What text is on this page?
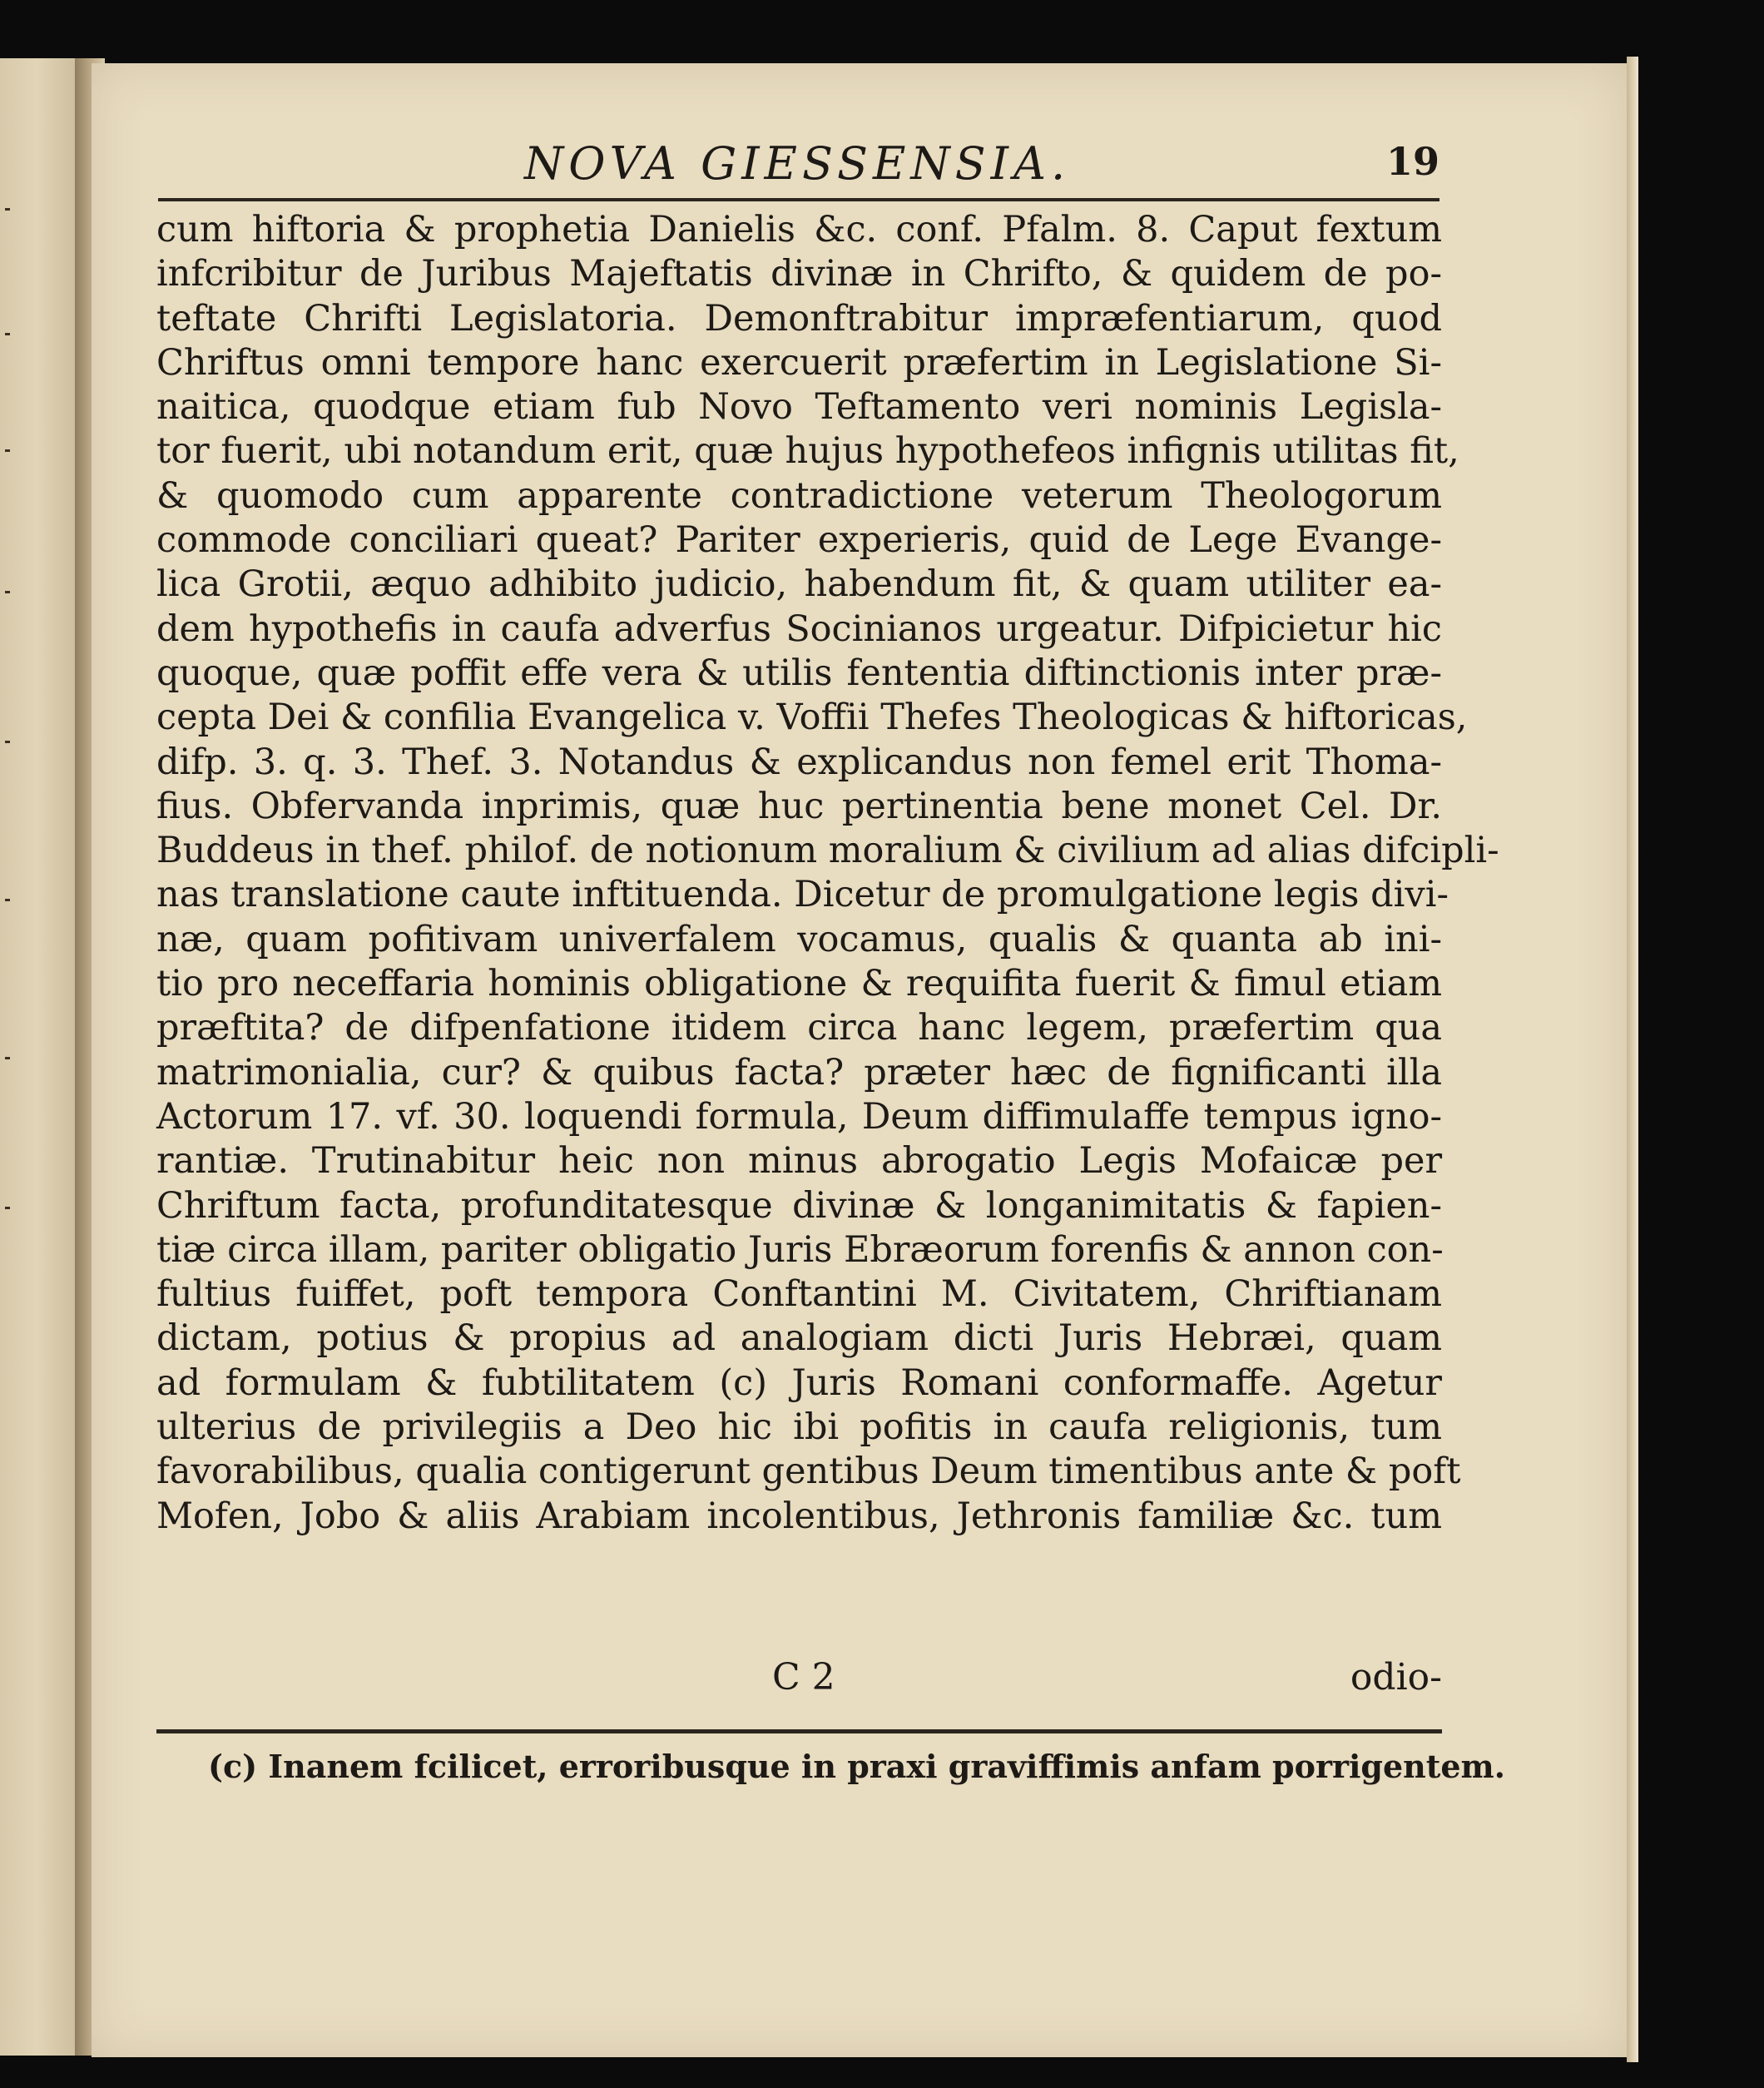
NOVA GIESSENSIA.	19
cum hiftoria & prophetia Danielis &c. conf. Pfalm. 8. Caput fextum
infcribitur de Juribus Majeftatis divinæ in Chrifto, & quidem de po-
teftate Chrifti Legislatoria. Demonftrabitur impræfentiarum, quod
Chriftus omni tempore hanc exercuerit præfertim in Legislatione Si-
naitica, quodque etiam fub Novo Teftamento veri nominis Legisla-
tor fuerit, ubi notandum erit, quæ hujus hypothefeos infignis utilitas fit,
& quomodo cum apparente contradictione veterum Theologorum
commode conciliari queat? Pariter experieris, quid de Lege Evange-
lica Grotii, æquo adhibito judicio, habendum fit, & quam utiliter ea-
dem hypothefis in caufa adverfus Socinianos urgeatur. Difpicietur hic
quoque, quæ poffit effe vera & utilis fententia diftinctionis inter præ-
cepta Dei & confilia Evangelica v. Voffii Thefes Theologicas & hiftoricas,
difp. 3. q. 3. Thef. 3. Notandus & explicandus non femel erit Thoma-
fius. Obfervanda inprimis, quæ huc pertinentia bene monet Cel. Dr.
Buddeus in thef. philof. de notionum moralium & civilium ad alias difcipli-
nas translatione caute inftituenda. Dicetur de promulgatione legis divi-
næ, quam pofitivam univerfalem vocamus, qualis & quanta ab ini-
tio pro neceffaria hominis obligatione & requifita fuerit & fimul etiam
præftita? de difpenfatione itidem circa hanc legem, præfertim qua
matrimonialia, cur? & quibus facta? præter hæc de fignificanti illa
Actorum 17. vf. 30. loquendi formula, Deum diffimulaffe tempus igno-
rantiæ. Trutinabitur heic non minus abrogatio Legis Mofaicæ per
Chriftum facta, profunditatesque divinæ & longanimitatis & fapien-
tiæ circa illam, pariter obligatio Juris Ebræorum forenfis & annon con-
fultius fuiffet, poft tempora Conftantini M. Civitatem, Chriftianam
dictam, potius & propius ad analogiam dicti Juris Hebræi, quam
ad formulam & fubtilitatem (c) Juris Romani conformaffe. Agetur
ulterius de privilegiis a Deo hic ibi pofitis in caufa religionis, tum
favorabilibus, qualia contigerunt gentibus Deum timentibus ante & poft
Mofen, Jobo & aliis Arabiam incolentibus, Jethronis familiæ &c. tum
C 2	odio-
(c) Inanem fcilicet, erroribusque in praxi graviffimis anfam porrigentem.
